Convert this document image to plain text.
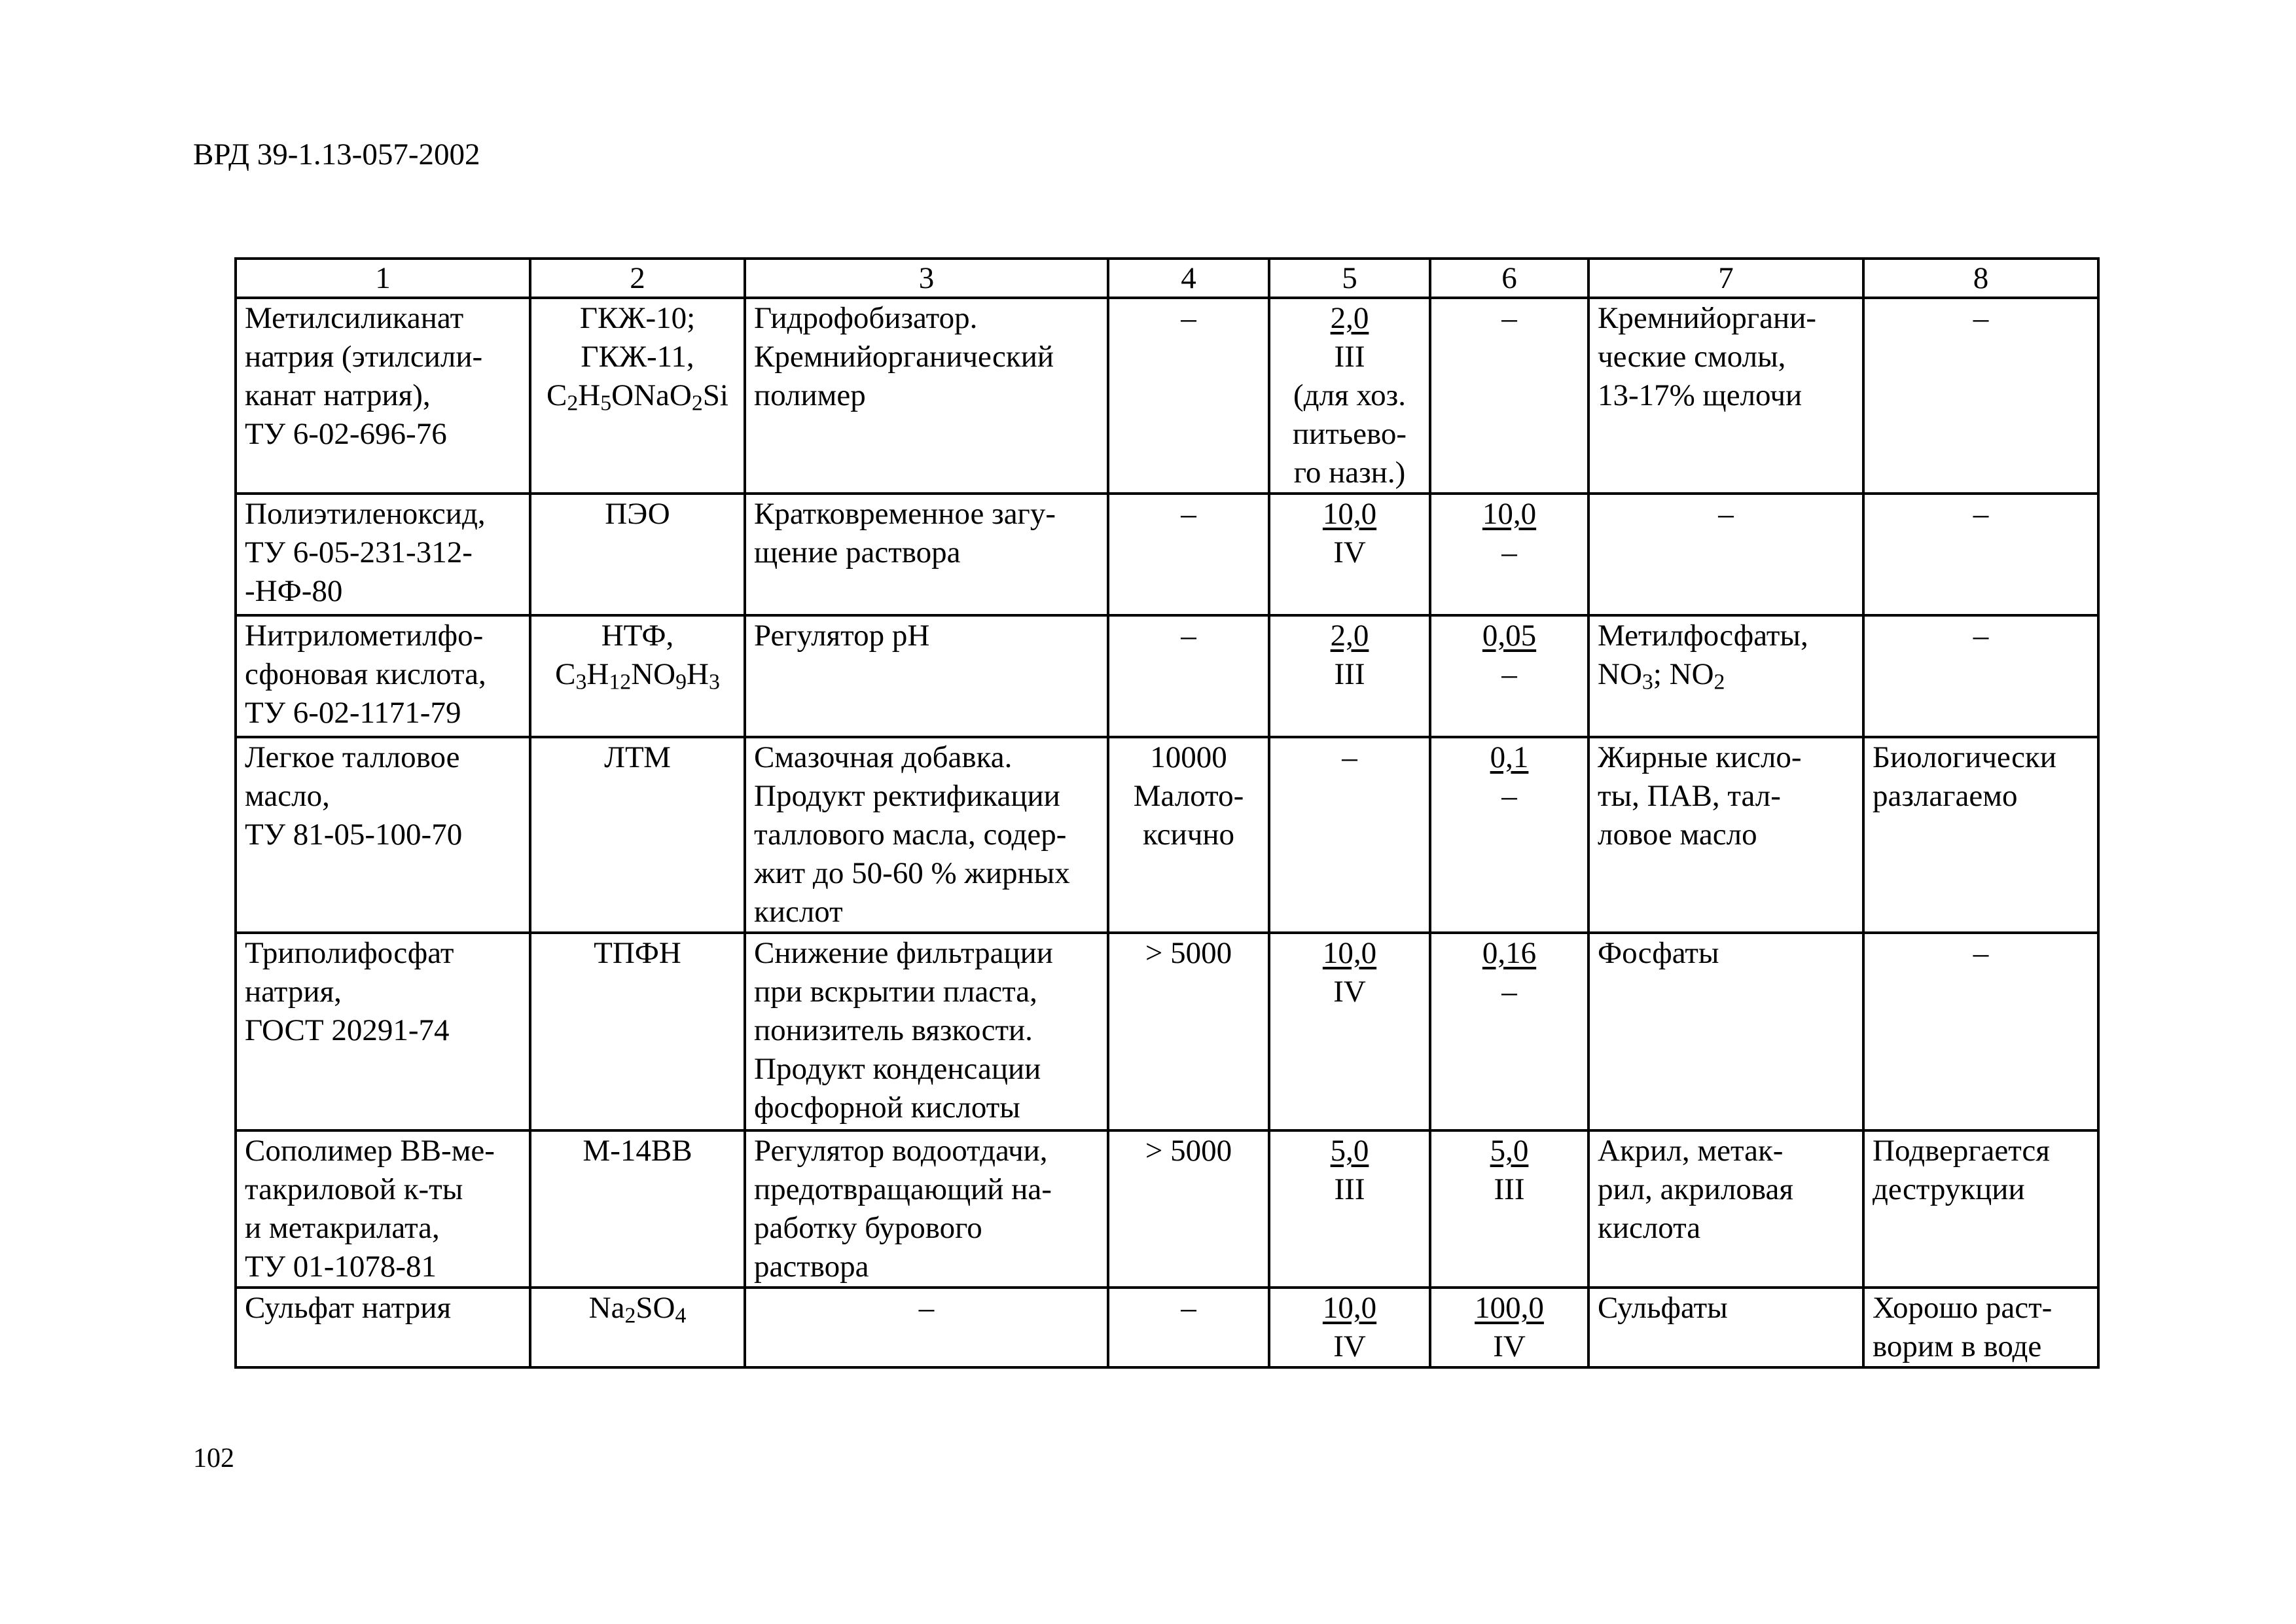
ВРД 39-1.13-057-2002
1	2	3	4	5	6	7	8

Метилсиликанат
натрия (этилсили-
канат натрия),
ТУ 6-02-696-76	ГКЖ-10;
ГКЖ-11,
$C_2H_5ONaO_2Si$	Гидрофобизатор.
Кремнийорганический
полимер	–	2,0
III
(для хоз.
питьево-
го назн.)	–	Кремнийоргани-
ческие смолы,
13-17% щелочи	–

Полиэтиленоксид,
ТУ 6-05-231-312-
-НФ-80	ПЭО	Кратковременное загу-
щение раствора	–	10,0
IV	10,0
–	–	–

Нитрилометилфо-
сфоновая кислота,
ТУ 6-02-1171-79	НТФ,
$C_3H_{12}NO_9H_3$	Регулятор рН	–	2,0
III	0,05
–	Метилфосфаты,
$NO_3$; $NO_2$	–

Легкое талловое
масло,
ТУ 81-05-100-70	ЛТМ	Смазочная добавка.
Продукт ректификации
таллового масла, содер-
жит до 50-60 % жирных
кислот	10000
Малото-
ксично	–	0,1
–	Жирные кисло-
ты, ПАВ, тал-
ловое масло	Биологически
разлагаемо

Триполифосфат
натрия,
ГОСТ 20291-74	ТПФН	Снижение фильтрации
при вскрытии пласта,
понизитель вязкости.
Продукт конденсации
фосфорной кислоты	> 5000	10,0
IV	0,16
–	Фосфаты	–

Сополимер ВВ-ме-
такриловой к-ты
и метакрилата,
ТУ 01-1078-81	М-14ВВ	Регулятор водоотдачи,
предотвращающий на-
работку бурового
раствора	> 5000	5,0
III	5,0
III	Акрил, метак-
рил, акриловая
кислота	Подвергается
деструкции

Сульфат натрия	$Na_2SO_4$	–	–	10,0
IV	100,0
IV	Сульфаты	Хорошо раст-
ворим в воде
102
